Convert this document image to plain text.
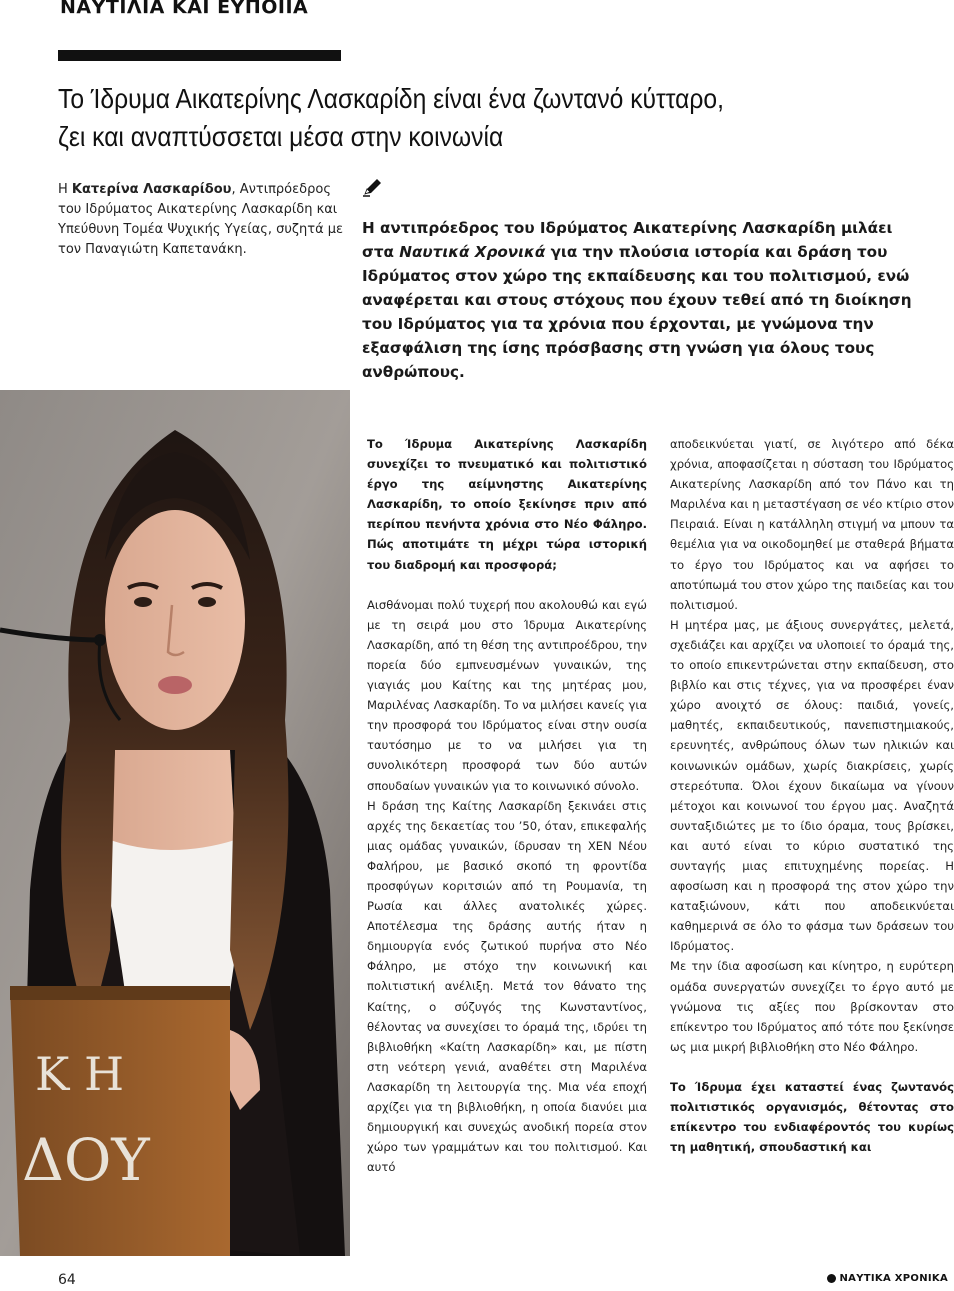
ΝΑΥΤΙΛΙΑ ΚΑΙ ΕΥΠΟΙΙΑ
Το Ίδρυμα Αικατερίνης Λασκαρίδη είναι ένα ζωντανό κύτταρο,
ζει και αναπτύσσεται μέσα στην κοινωνία
Η Κατερίνα Λασκαρίδου, Αντιπρόεδρος του Ιδρύματος Αικατερίνης Λασκαρίδη και Υπεύθυνη Τομέα Ψυχικής Υγείας, συζητά με τον Παναγιώτη Καπετανάκη.
Η αντιπρόεδρος του Ιδρύματος Αικατερίνης Λασκαρίδη μιλάει στα Ναυτικά Χρονικά για την πλούσια ιστορία και δράση του Ιδρύματος στον χώρο της εκπαίδευσης και του πολιτισμού, ενώ αναφέρεται και στους στόχους που έχουν τεθεί από τη διοίκηση του Ιδρύματος για τα χρόνια που έρχονται, με γνώμονα την εξασφάλιση της ίσης πρόσβασης στη γνώση για όλους τους ανθρώπους.
Κ Η
ΔΟΥ

Το Ίδρυμα Αικατερίνης Λασκαρίδη συνεχίζει το πνευματικό και πολιτιστικό έργο της αείμνηστης Αικατερίνης Λασκαρίδη, το οποίο ξεκίνησε πριν από περίπου πενήντα χρόνια στο Νέο Φάληρο. Πώς αποτιμάτε τη μέχρι τώρα ιστορική του διαδρομή και προσφορά;

Αισθάνομαι πολύ τυχερή που ακολουθώ και εγώ με τη σειρά μου στο Ίδρυμα Αικατερίνης Λασκαρίδη, από τη θέση της αντιπροέδρου, την πορεία δύο εμπνευσμένων γυναικών, της γιαγιάς μου Καίτης και της μητέρας μου, Μαριλένας Λασκαρίδη. Το να μιλήσει κανείς για την προσφορά του Ιδρύματος είναι στην ουσία ταυτόσημο με το να μιλήσει για τη συνολικότερη προσφορά των δύο αυτών σπουδαίων γυναικών για το κοινωνικό σύνολο.

Η δράση της Καίτης Λασκαρίδη ξεκινάει στις αρχές της δεκαετίας του ’50, όταν, επικεφαλής μιας ομάδας γυναικών, ίδρυσαν τη ΧΕΝ Νέου Φαλήρου, με βασικό σκοπό τη φροντίδα προσφύγων κοριτσιών από τη Ρουμανία, τη Ρωσία και άλλες ανατολικές χώρες. Αποτέλεσμα της δράσης αυτής ήταν η δημιουργία ενός ζωτικού πυρήνα στο Νέο Φάληρο, με στόχο την κοινωνική και πολιτιστική ανέλιξη. Μετά τον θάνατο της Καίτης, ο σύζυγός της Κωνσταντίνος, θέλοντας να συνεχίσει το όραμά της, ιδρύει τη βιβλιοθήκη «Καίτη Λασκαρίδη» και, με πίστη στη νεότερη γενιά, αναθέτει στη Μαριλένα Λασκαρίδη τη λειτουργία της. Μια νέα εποχή αρχίζει για τη βιβλιοθήκη, η οποία διανύει μια δημιουργική και συνεχώς ανοδική πορεία στον χώρο των γραμμάτων και του πολιτισμού. Και αυτό

αποδεικνύεται γιατί, σε λιγότερο από δέκα χρόνια, αποφασίζεται η σύσταση του Ιδρύματος Αικατερίνης Λασκαρίδη από τον Πάνο και τη Μαριλένα και η μεταστέγαση σε νέο κτίριο στον Πειραιά. Είναι η κατάλληλη στιγμή να μπουν τα θεμέλια για να οικοδομηθεί με σταθερά βήματα το έργο του Ιδρύματος και να αφήσει το αποτύπωμά του στον χώρο της παιδείας και του πολιτισμού.

Η μητέρα μας, με άξιους συνεργάτες, μελετά, σχεδιάζει και αρχίζει να υλοποιεί το όραμά της, το οποίο επικεντρώνεται στην εκπαίδευση, στο βιβλίο και στις τέχνες, για να προσφέρει έναν χώρο ανοιχτό σε όλους: παιδιά, γονείς, μαθητές, εκπαιδευτικούς, πανεπιστημιακούς, ερευνητές, ανθρώπους όλων των ηλικιών και κοινωνικών ομάδων, χωρίς διακρίσεις, χωρίς στερεότυπα. Όλοι έχουν δικαίωμα να γίνουν μέτοχοι και κοινωνοί του έργου μας. Αναζητά συνταξιδιώτες με το ίδιο όραμα, τους βρίσκει, και αυτό είναι το κύριο συστατικό της συνταγής μιας επιτυχημένης πορείας. Η αφοσίωση και η προσφορά της στον χώρο την καταξιώνουν, κάτι που αποδεικνύεται καθημερινά σε όλο το φάσμα των δράσεων του Ιδρύματος.

Με την ίδια αφοσίωση και κίνητρο, η ευρύτερη ομάδα συνεργατών συνεχίζει το έργο αυτό με γνώμονα τις αξίες που βρίσκονταν στο επίκεντρο του Ιδρύματος από τότε που ξεκίνησε ως μια μικρή βιβλιοθήκη στο Νέο Φάληρο.

Το Ίδρυμα έχει καταστεί ένας ζωντανός πολιτιστικός οργανισμός, θέτοντας στο επίκεντρο του ενδιαφέροντός του κυρίως τη μαθητική, σπουδαστική και

64	ΝΑΥΤΙΚΑ ΧΡΟΝΙΚΑ
